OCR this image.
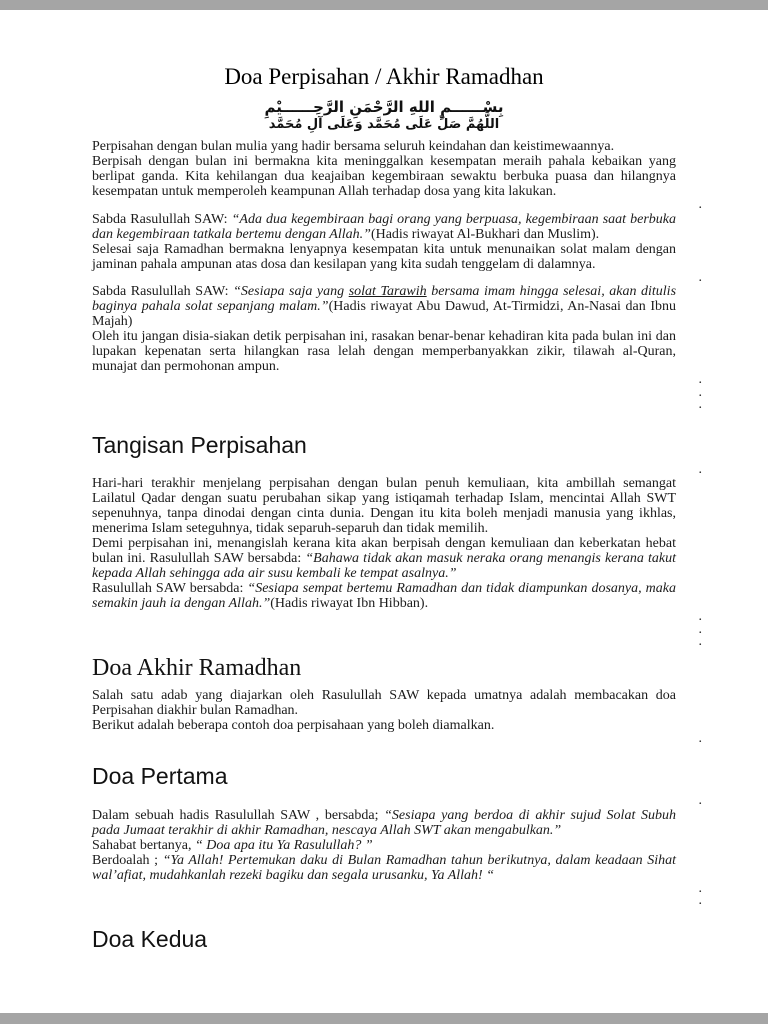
Doa Perpisahan / Akhir Ramadhan
بِسْــــــمِ اللهِ الرَّحْمَنِ الرَّحِــــــيْمِ
اللَّهُمَّ صَلِّ عَلَى مُحَمَّد وَعَلَى آلِ مُحَمَّد

Perpisahan dengan bulan mulia yang hadir bersama seluruh keindahan dan keistimewaannya.

Berpisah dengan bulan ini bermakna kita meninggalkan kesempatan meraih pahala kebaikan yang berlipat ganda. Kita kehilangan dua keajaiban kegembiraan sewaktu berbuka puasa dan hilangnya kesempatan untuk memperoleh keampunan Allah terhadap dosa yang kita lakukan.

.

Sabda Rasulullah SAW: “Ada dua kegembiraan bagi orang yang berpuasa, kegembiraan saat berbuka dan kegembiraan tatkala bertemu dengan Allah.”(Hadis riwayat Al-Bukhari dan Muslim).

Selesai saja Ramadhan bermakna lenyapnya kesempatan kita untuk menunaikan solat malam dengan jaminan pahala ampunan atas dosa dan kesilapan yang kita sudah tenggelam di dalamnya.

.

Sabda Rasulullah SAW: “Sesiapa saja yang solat Tarawih bersama imam hingga selesai, akan ditulis baginya pahala solat sepanjang malam.”(Hadis riwayat Abu Dawud, At-Tirmidzi, An-Nasai dan Ibnu Majah)

Oleh itu jangan disia-siakan detik perpisahan ini, rasakan benar-benar kehadiran kita pada bulan ini dan lupakan kepenatan serta hilangkan rasa lelah dengan memperbanyakkan zikir, tilawah al-Quran, munajat dan permohonan ampun.

.
.
.
Tangisan Perpisahan
.

Hari-hari terakhir menjelang perpisahan dengan bulan penuh kemuliaan, kita ambillah semangat Lailatul Qadar dengan suatu perubahan sikap yang istiqamah terhadap Islam, mencintai Allah SWT sepenuhnya, tanpa dinodai dengan cinta dunia. Dengan itu kita boleh menjadi manusia yang ikhlas, menerima Islam seteguhnya, tidak separuh-separuh dan tidak memilih.

Demi perpisahan ini, menangislah kerana kita akan berpisah dengan kemuliaan dan keberkatan hebat bulan ini. Rasulullah SAW bersabda: “Bahawa tidak akan masuk neraka orang menangis kerana takut kepada Allah sehingga ada air susu kembali ke tempat asalnya.”

Rasulullah SAW bersabda: “Sesiapa sempat bertemu Ramadhan dan tidak diampunkan dosanya, maka semakin jauh ia dengan Allah.”(Hadis riwayat Ibn Hibban).

.
.
.
Doa Akhir Ramadhan

Salah satu adab yang diajarkan oleh Rasulullah SAW kepada umatnya adalah membacakan doa Perpisahan diakhir bulan Ramadhan.

Berikut adalah beberapa contoh doa perpisahaan yang boleh diamalkan.

.
Doa Pertama
.

Dalam sebuah hadis Rasulullah SAW , bersabda; “Sesiapa yang berdoa di akhir sujud Solat Subuh pada Jumaat terakhir di akhir Ramadhan, nescaya Allah SWT akan mengabulkan.”

Sahabat bertanya, “ Doa apa itu Ya Rasulullah? ”

Berdoalah ; “Ya Allah! Pertemukan daku di Bulan Ramadhan tahun berikutnya, dalam keadaan Sihat wal’afiat, mudahkanlah rezeki bagiku dan segala urusanku, Ya Allah! “

.
.
Doa Kedua
